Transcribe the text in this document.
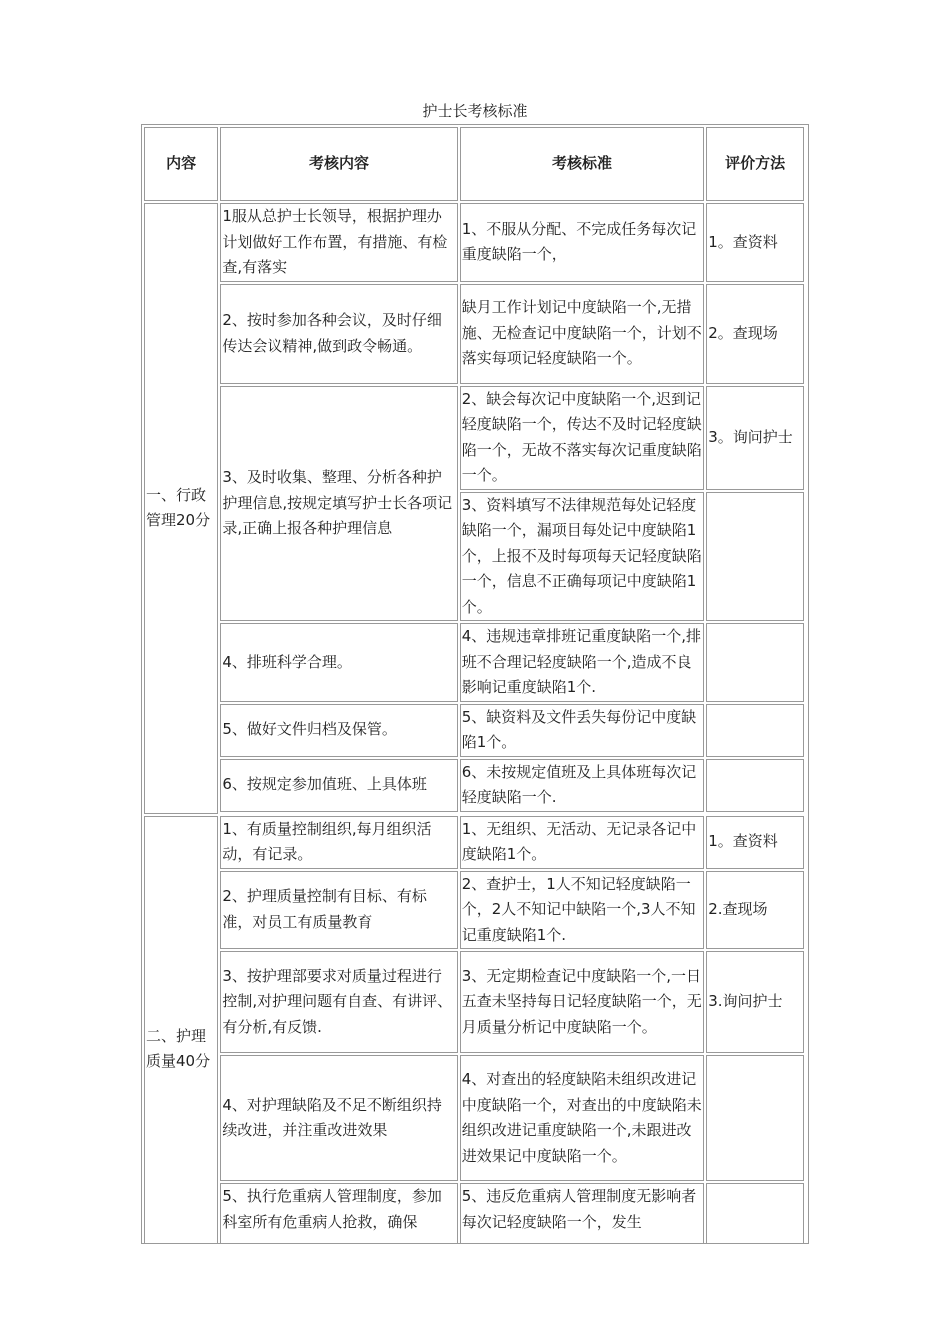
护士长考核标准
内容	考核内容	考核标准	评价方法
一、行政管理20分	1服从总护士长领导，根据护理办计划做好工作布置，有措施、有检查,有落实	1、不服从分配、不完成任务每次记重度缺陷一个，	1。查资料
	2、按时参加各种会议，及时仔细传达会议精神,做到政令畅通。	缺月工作计划记中度缺陷一个,无措施、无检查记中度缺陷一个，计划不落实每项记轻度缺陷一个。	2。查现场
	3、及时收集、整理、分析各种护护理信息,按规定填写护士长各项记录,正确上报各种护理信息	2、缺会每次记中度缺陷一个,迟到记轻度缺陷一个，传达不及时记轻度缺陷一个，无故不落实每次记重度缺陷一个。	3。询问护士
		3、资料填写不法律规范每处记轻度缺陷一个，漏项目每处记中度缺陷1个，上报不及时每项每天记轻度缺陷一个，信息不正确每项记中度缺陷1个。	
	4、排班科学合理。	4、违规违章排班记重度缺陷一个,排班不合理记轻度缺陷一个,造成不良影响记重度缺陷1个.	
	5、做好文件归档及保管。	5、缺资料及文件丢失每份记中度缺陷1个。	
	6、按规定参加值班、上具体班	6、未按规定值班及上具体班每次记轻度缺陷一个.	

二、护理质量40分	1、有质量控制组织,每月组织活动，有记录。	1、无组织、无活动、无记录各记中度缺陷1个。	1。查资料
	2、护理质量控制有目标、有标准，对员工有质量教育	2、查护士，1人不知记轻度缺陷一个，2人不知记中缺陷一个,3人不知记重度缺陷1个.	2.查现场
	3、按护理部要求对质量过程进行控制,对护理问题有自查、有讲评、有分析,有反馈.	3、无定期检查记中度缺陷一个,一日五查未坚持每日记轻度缺陷一个，无月质量分析记中度缺陷一个。	3.询问护士
	4、对护理缺陷及不足不断组织持续改进，并注重改进效果	4、对查出的轻度缺陷未组织改进记中度缺陷一个，对查出的中度缺陷未组织改进记重度缺陷一个,未跟进改进效果记中度缺陷一个。	
	5、执行危重病人管理制度，参加科室所有危重病人抢救，确保	5、违反危重病人管理制度无影响者每次记轻度缺陷一个，发生	
